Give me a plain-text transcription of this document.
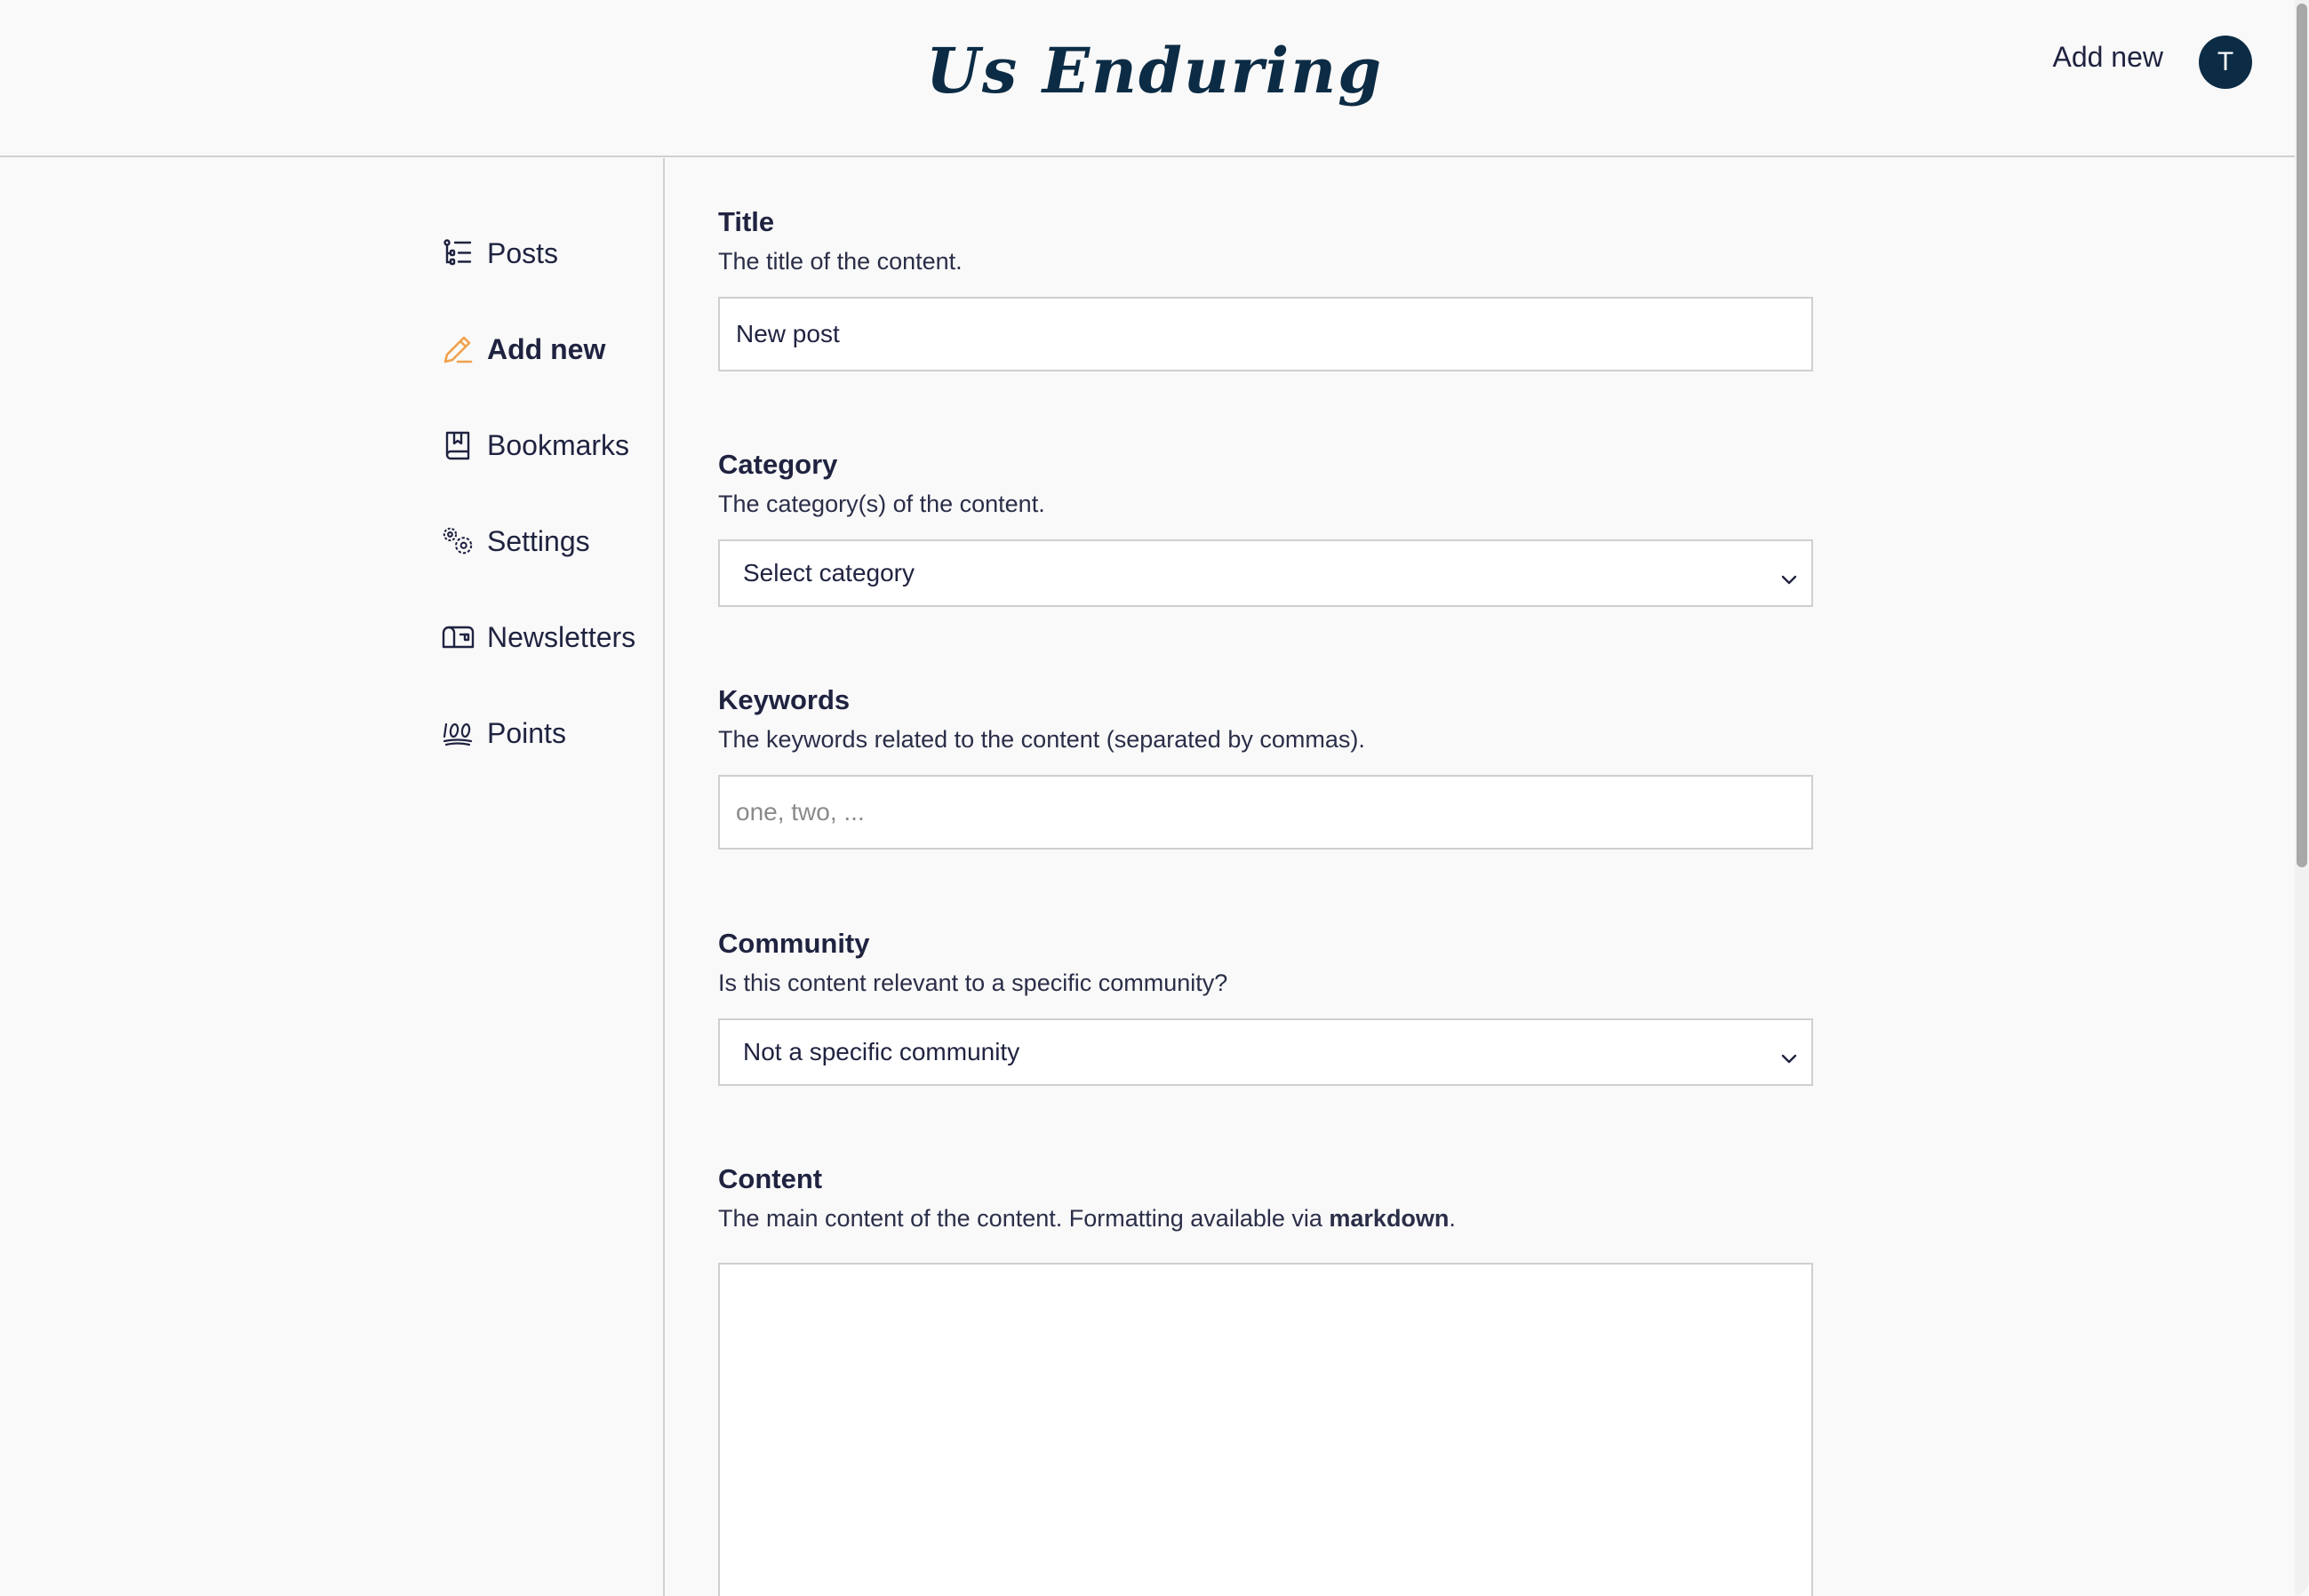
Us Enduring	Add new	T
Posts
Add new
Bookmarks
Settings
Newsletters
Points
Title
The title of the content.
New post
Category
The category(s) of the content.
Select category
Keywords
The keywords related to the content (separated by commas).
one, two, ...
Community
Is this content relevant to a specific community?
Not a specific community
Content
The main content of the content. Formatting available via markdown.
